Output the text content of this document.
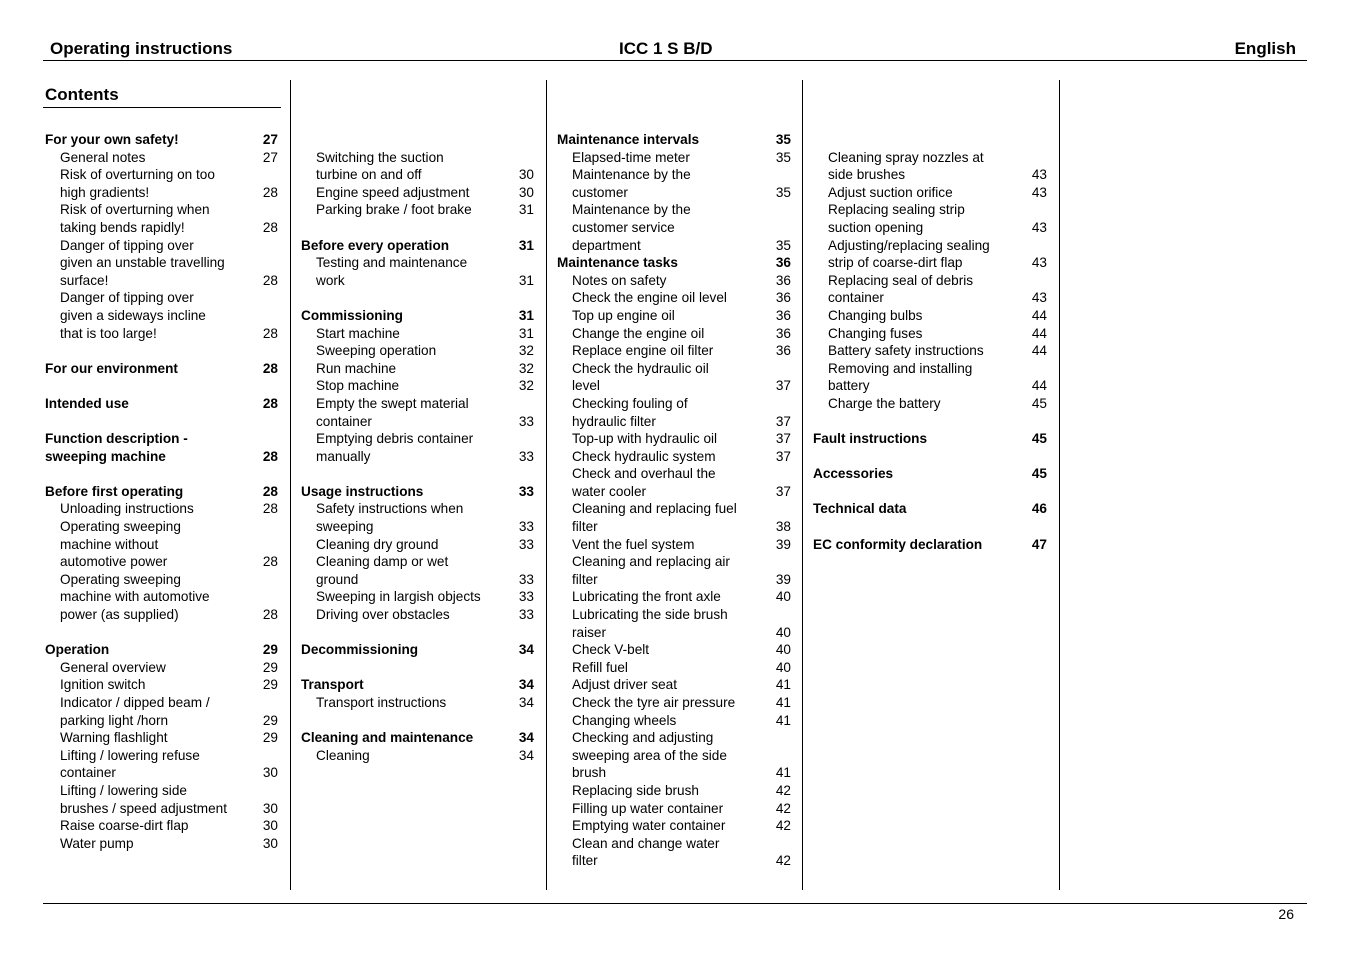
Operating instructions	ICC 1 S B/D	English
Contents
For your own safety!	27
General notes	27
Risk of overturning on too
high gradients!	28
Risk of overturning when
taking bends rapidly!	28
Danger of tipping over
given an unstable travelling
surface!	28
Danger of tipping over
given a sideways incline
that is too large!	28
For our environment	28
Intended use	28
Function description -
sweeping machine	28
Before first operating	28
Unloading instructions	28
Operating sweeping
machine without
automotive power	28
Operating sweeping
machine with automotive
power (as supplied)	28
Operation	29
General overview	29
Ignition switch	29
Indicator / dipped beam /
parking light /horn	29
Warning flashlight	29
Lifting / lowering refuse
container	30
Lifting / lowering side
brushes / speed adjustment	30
Raise coarse-dirt flap	30
Water pump	30
Switching the suction
turbine on and off	30
Engine speed adjustment	30
Parking brake / foot brake	31
Before every operation	31
Testing and maintenance
work	31
Commissioning	31
Start machine	31
Sweeping operation	32
Run machine	32
Stop machine	32
Empty the swept material
container	33
Emptying debris container
manually	33
Usage instructions	33
Safety instructions when
sweeping	33
Cleaning dry ground	33
Cleaning damp or wet
ground	33
Sweeping in largish objects	33
Driving over obstacles	33
Decommissioning	34
Transport	34
Transport instructions	34
Cleaning and maintenance	34
Cleaning	34
Maintenance intervals	35
Elapsed-time meter	35
Maintenance by the
customer	35
Maintenance by the
customer service
department	35
Maintenance tasks	36
Notes on safety	36
Check the engine oil level	36
Top up engine oil	36
Change the engine oil	36
Replace engine oil filter	36
Check the hydraulic oil
level	37
Checking fouling of
hydraulic filter	37
Top-up with hydraulic oil	37
Check hydraulic system	37
Check and overhaul the
water cooler	37
Cleaning and replacing fuel
filter	38
Vent the fuel system	39
Cleaning and replacing air
filter	39
Lubricating the front axle	40
Lubricating the side brush
raiser	40
Check V-belt	40
Refill fuel	40
Adjust driver seat	41
Check the tyre air pressure	41
Changing wheels	41
Checking and adjusting
sweeping area of the side
brush	41
Replacing side brush	42
Filling up water container	42
Emptying water container	42
Clean and change water
filter	42
Cleaning spray nozzles at
side brushes	43
Adjust suction orifice	43
Replacing sealing strip
suction opening	43
Adjusting/replacing sealing
strip of coarse-dirt flap	43
Replacing seal of debris
container	43
Changing bulbs	44
Changing fuses	44
Battery safety instructions	44
Removing and installing
battery	44
Charge the battery	45
Fault instructions	45
Accessories	45
Technical data	46
EC conformity declaration	47
26
